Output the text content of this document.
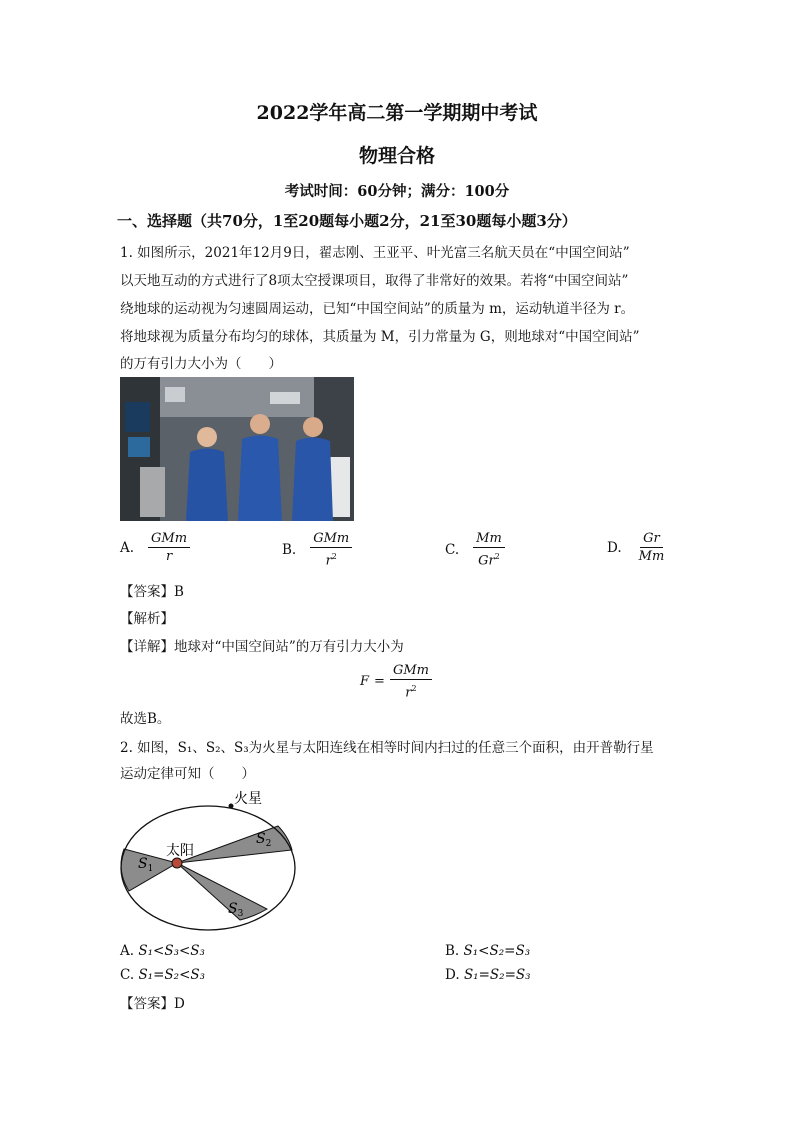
2022学年高二第一学期期中考试
物理合格
考试时间：60分钟；满分：100分
一、选择题（共70分，1至20题每小题2分，21至30题每小题3分）
1. 如图所示，2021年12月9日，翟志刚、王亚平、叶光富三名航天员在“中国空间站”
以天地互动的方式进行了8项太空授课项目，取得了非常好的效果。若将“中国空间站”
绕地球的运动视为匀速圆周运动，已知“中国空间站”的质量为 m，运动轨道半径为 r。
将地球视为质量分布均匀的球体，其质量为 M，引力常量为 G，则地球对“中国空间站”
的万有引力大小为（　　）
A. $\frac{\text{GMm}}{r}$	B. $\frac{\text{GMm}}{r^2}$	C. $\frac{Mm}{Gr^2}$	D. $\frac{Gr}{Mm}$
【答案】B
【解析】
【详解】地球对“中国空间站”的万有引力大小为
$F = \frac{\text{GMm}}{r^2}$
故选B。
2. 如图，S₁、S₂、S₃为火星与太阳连线在相等时间内扫过的任意三个面积，由开普勒行星
运动定律可知（　　）
火星
太阳
$S_1$
$S_2$
$S_3$
A. S₁<S₃<S₃	B. S₁<S₂=S₃
C. S₁=S₂<S₃	D. S₁=S₂=S₃
【答案】D
